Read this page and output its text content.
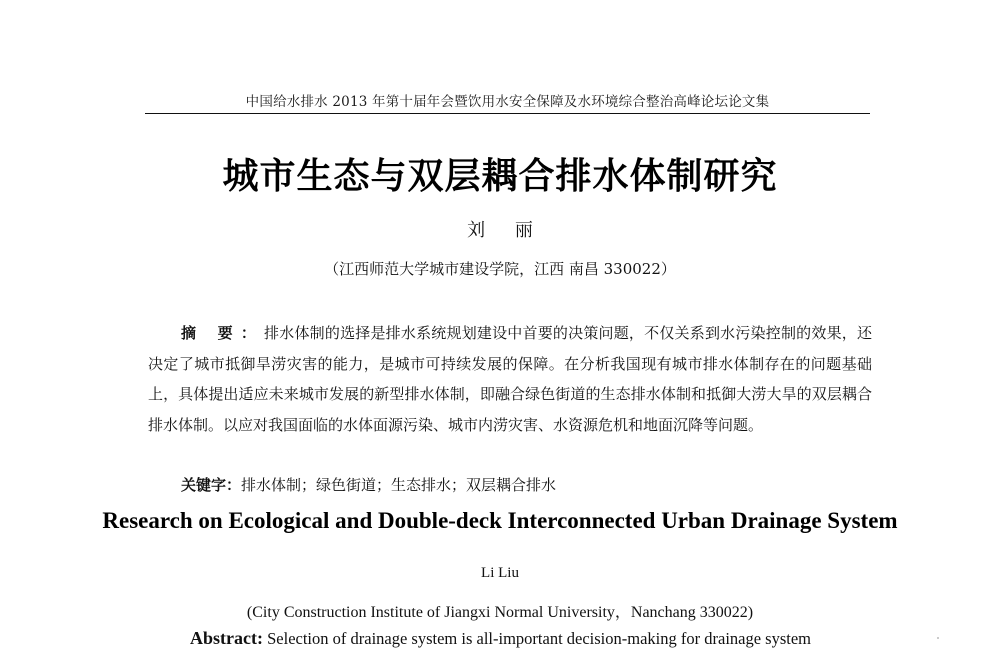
中国给水排水 2013 年第十届年会暨饮用水安全保障及水环境综合整治高峰论坛论文集
城市生态与双层耦合排水体制研究
刘 丽
（江西师范大学城市建设学院，江西 南昌 330022）
摘 要：排水体制的选择是排水系统规划建设中首要的决策问题，不仅关系到水污染控制的效果，还决定了城市抵御旱涝灾害的能力，是城市可持续发展的保障。在分析我国现有城市排水体制存在的问题基础上，具体提出适应未来城市发展的新型排水体制，即融合绿色街道的生态排水体制和抵御大涝大旱的双层耦合排水体制。以应对我国面临的水体面源污染、城市内涝灾害、水资源危机和地面沉降等问题。
关键字：排水体制；绿色街道；生态排水；双层耦合排水
Research on Ecological and Double-deck Interconnected Urban Drainage System
Li Liu
(City Construction Institute of Jiangxi Normal University，Nanchang 330022)
Abstract: Selection of drainage system is all-important decision-making for drainage system
